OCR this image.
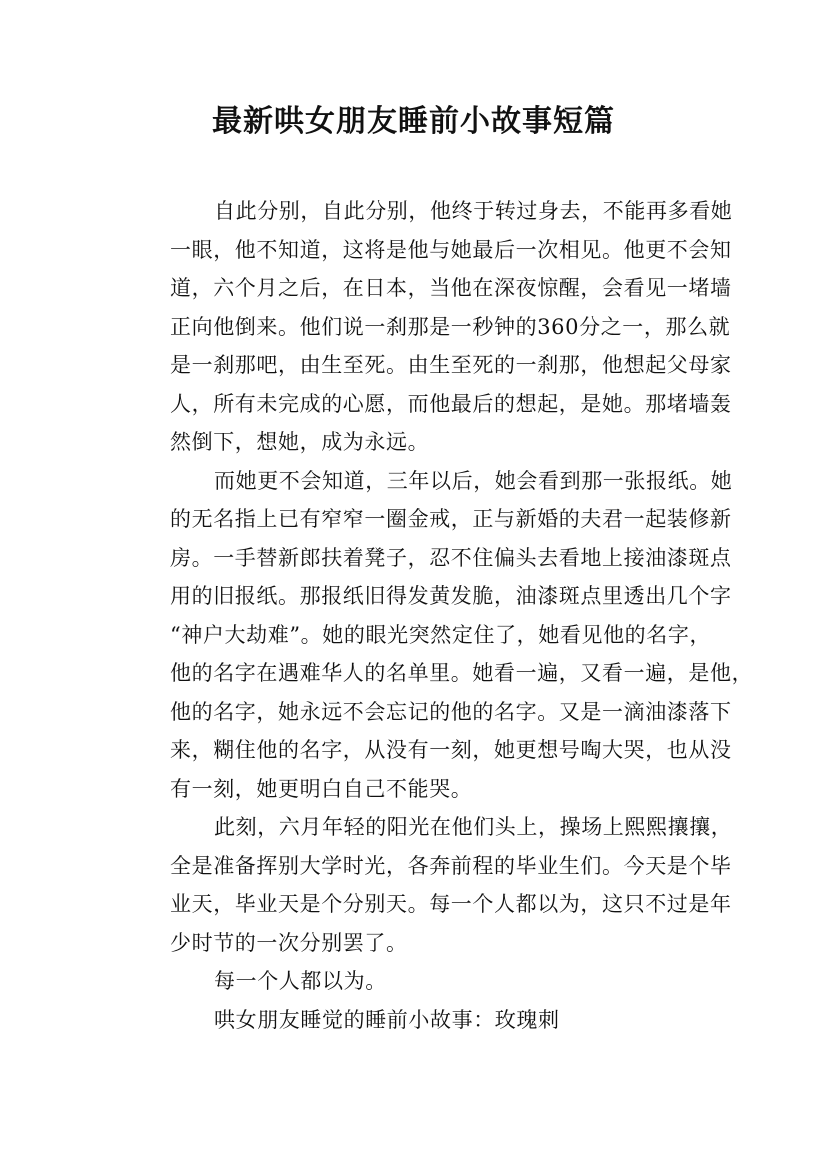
最新哄女朋友睡前小故事短篇
自此分别，自此分别，他终于转过身去，不能再多看她
一眼，他不知道，这将是他与她最后一次相见。他更不会知
道，六个月之后，在日本，当他在深夜惊醒，会看见一堵墙
正向他倒来。他们说一刹那是一秒钟的360分之一，那么就
是一刹那吧，由生至死。由生至死的一刹那，他想起父母家
人，所有未完成的心愿，而他最后的想起，是她。那堵墙轰
然倒下，想她，成为永远。
而她更不会知道，三年以后，她会看到那一张报纸。她
的无名指上已有窄窄一圈金戒，正与新婚的夫君一起装修新
房。一手替新郎扶着凳子，忍不住偏头去看地上接油漆斑点
用的旧报纸。那报纸旧得发黄发脆，油漆斑点里透出几个字
“神户大劫难”。她的眼光突然定住了，她看见他的名字，
他的名字在遇难华人的名单里。她看一遍，又看一遍，是他，
他的名字，她永远不会忘记的他的名字。又是一滴油漆落下
来，糊住他的名字，从没有一刻，她更想号啕大哭，也从没
有一刻，她更明白自己不能哭。
此刻，六月年轻的阳光在他们头上，操场上熙熙攘攘，
全是准备挥别大学时光，各奔前程的毕业生们。今天是个毕
业天，毕业天是个分别天。每一个人都以为，这只不过是年
少时节的一次分别罢了。
每一个人都以为。
哄女朋友睡觉的睡前小故事：玫瑰刺
